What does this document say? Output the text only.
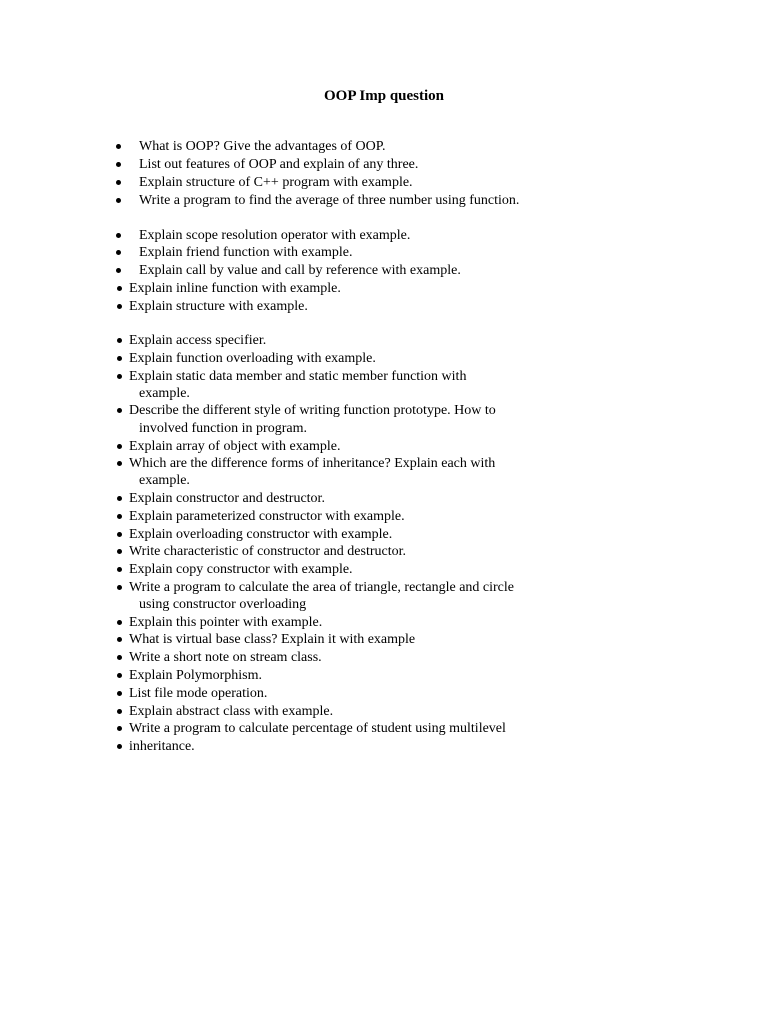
OOP Imp question
What is OOP? Give the advantages of OOP.
List out features of OOP and explain of any three.
Explain structure of C++ program with example.
Write a program to find the average of three number using function.
Explain scope resolution operator with example.
Explain friend function with example.
Explain call by value and call by reference with example.
Explain inline function with example.
Explain structure with example.
Explain access specifier.
Explain function overloading with example.
Explain static data member and static member function with
example.
Describe the different style of writing function prototype. How to
involved function in program.
Explain array of object with example.
Which are the difference forms of inheritance? Explain each with
example.
Explain constructor and destructor.
Explain parameterized constructor with example.
Explain overloading constructor with example.
Write characteristic of constructor and destructor.
Explain copy constructor with example.
Write a program to calculate the area of triangle, rectangle and circle
using constructor overloading
Explain this pointer with example.
What is virtual base class? Explain it with example
Write a short note on stream class.
Explain Polymorphism.
List file mode operation.
Explain abstract class with example.
Write a program to calculate percentage of student using multilevel
inheritance.
